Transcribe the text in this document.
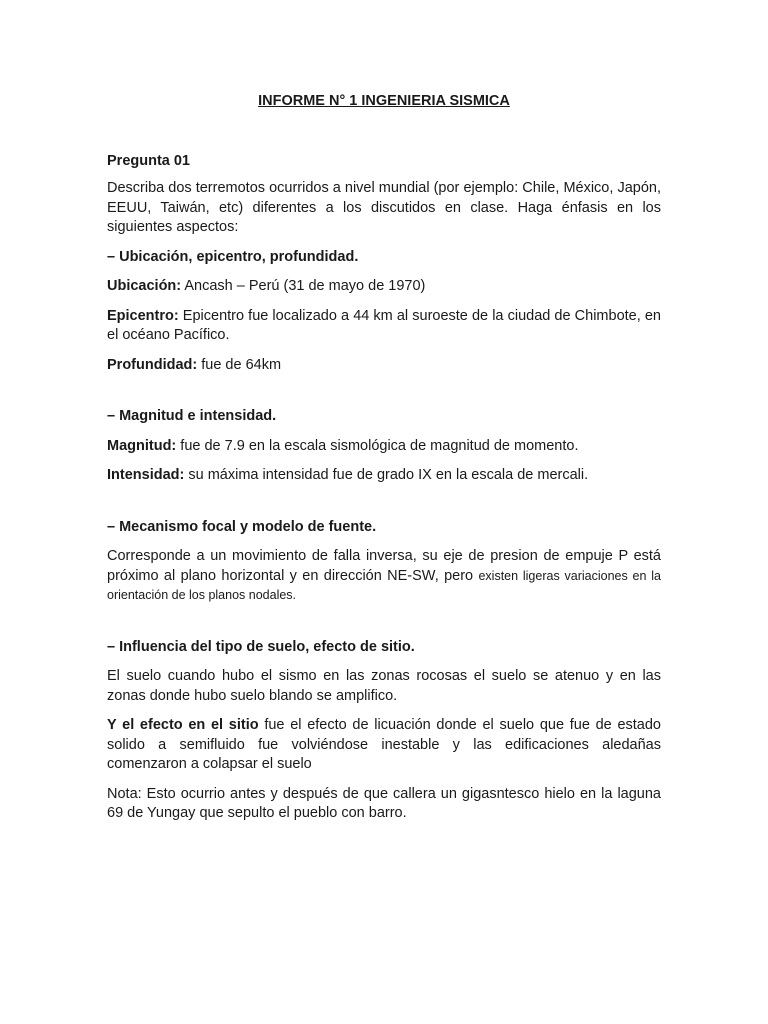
INFORME N° 1 INGENIERIA SISMICA
Pregunta 01

Describa dos terremotos ocurridos a nivel mundial (por ejemplo: Chile, México, Japón, EEUU, Taiwán, etc) diferentes a los discutidos en clase. Haga énfasis en los siguientes aspectos:

– Ubicación, epicentro, profundidad.

Ubicación: Ancash – Perú (31 de mayo de 1970)

Epicentro: Epicentro fue localizado a 44 km al suroeste de la ciudad de Chimbote, en el océano Pacífico.

Profundidad: fue de 64km

– Magnitud e intensidad.

Magnitud: fue de 7.9 en la escala sismológica de magnitud de momento.

Intensidad: su máxima intensidad fue de grado IX en la escala de mercali.

– Mecanismo focal y modelo de fuente.

Corresponde a un movimiento de falla inversa, su eje de presion de empuje P está próximo al plano horizontal y en dirección NE-SW, pero existen ligeras variaciones en la orientación de los planos nodales.

– Influencia del tipo de suelo, efecto de sitio.

El suelo cuando hubo el sismo en las zonas rocosas el suelo se atenuo y en las zonas donde hubo suelo blando se amplifico.

Y el efecto en el sitio fue el efecto de licuación donde el suelo que fue de estado solido a semifluido fue volviéndose inestable y las edificaciones aledañas comenzaron a colapsar el suelo

Nota: Esto ocurrio antes y después de que callera un gigasntesco hielo en la laguna 69 de Yungay que sepulto el pueblo con barro.
